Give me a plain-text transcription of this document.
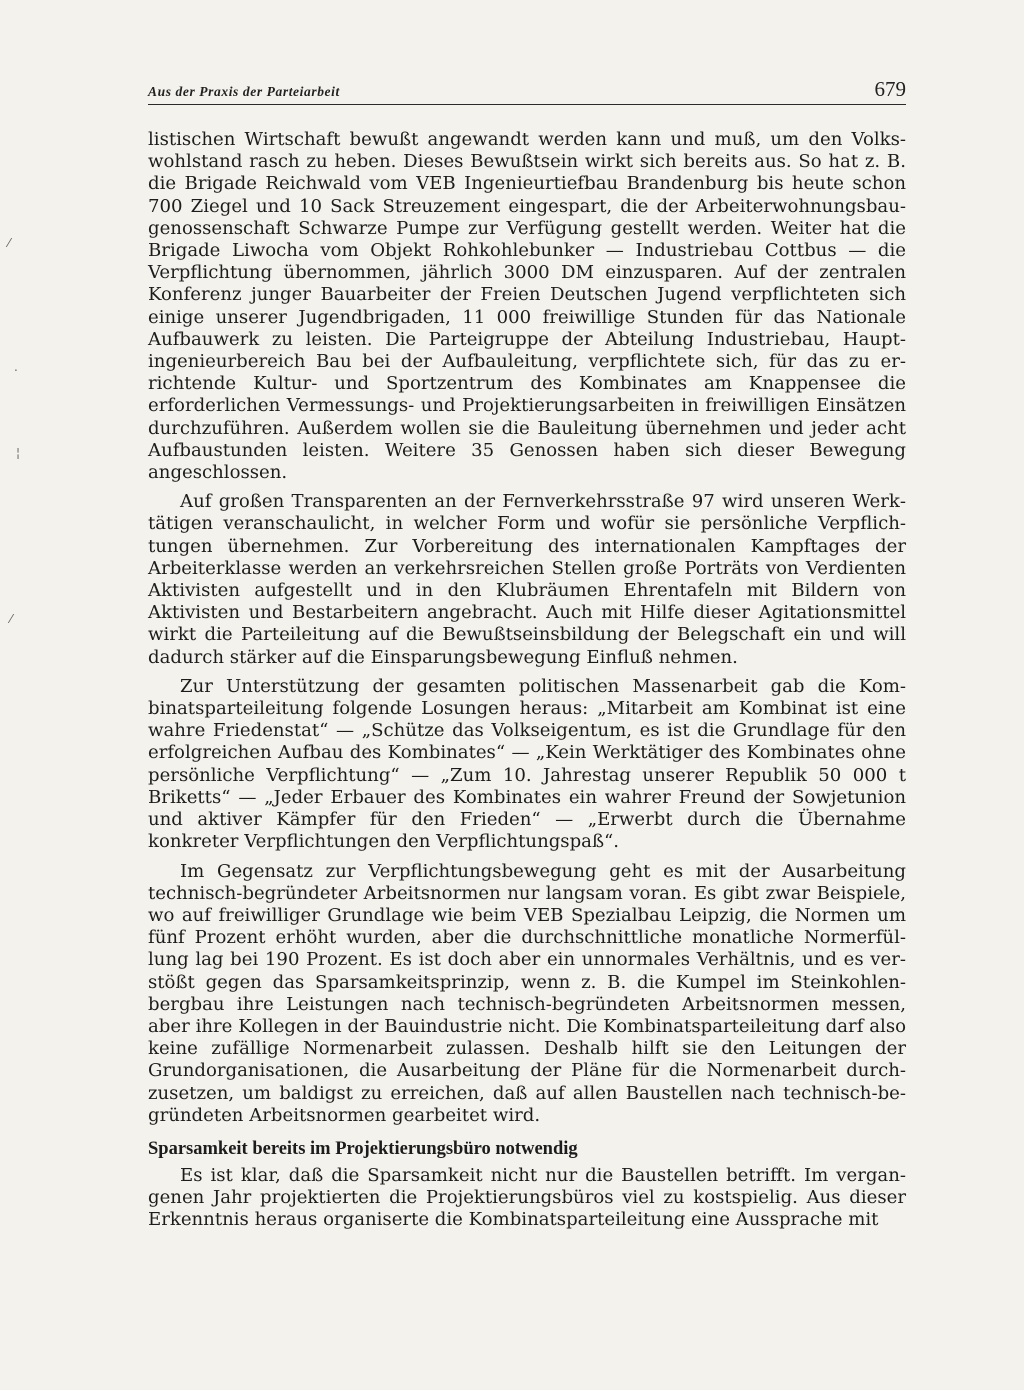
Aus der Praxis der Parteiarbeit	679

listischen Wirtschaft bewußt angewandt werden kann und muß, um den Volkswohlstand rasch zu heben. Dieses Bewußtsein wirkt sich bereits aus. So hat z. B. die Brigade Reichwald vom VEB Ingenieurtiefbau Brandenburg bis heute schon 700 Ziegel und 10 Sack Streuzement eingespart, die der Arbeiterwohnungsbaugenossenschaft Schwarze Pumpe zur Verfügung gestellt werden. Weiter hat die Brigade Liwocha vom Objekt Rohkohlebunker — Industriebau Cottbus — die Verpflichtung übernommen, jährlich 3000 DM einzusparen. Auf der zentralen Konferenz junger Bauarbeiter der Freien Deutschen Jugend verpflichteten sich einige unserer Jugendbrigaden, 11 000 freiwillige Stunden für das Nationale Aufbauwerk zu leisten. Die Parteigruppe der Abteilung Industriebau, Hauptingenieurbereich Bau bei der Aufbauleitung, verpflichtete sich, für das zu errichtende Kultur- und Sportzentrum des Kombinates am Knappensee die erforderlichen Vermessungs- und Projektierungsarbeiten in freiwilligen Einsätzen durchzuführen. Außerdem wollen sie die Bauleitung übernehmen und jeder acht Aufbaustunden leisten. Weitere 35 Genossen haben sich dieser Bewegung angeschlossen.

Auf großen Transparenten an der Fernverkehrsstraße 97 wird unseren Werktätigen veranschaulicht, in welcher Form und wofür sie persönliche Verpflichtungen übernehmen. Zur Vorbereitung des internationalen Kampftages der Arbeiterklasse werden an verkehrsreichen Stellen große Porträts von Verdienten Aktivisten aufgestellt und in den Klubräumen Ehrentafeln mit Bildern von Aktivisten und Bestarbeitern angebracht. Auch mit Hilfe dieser Agitationsmittel wirkt die Parteileitung auf die Bewußtseinsbildung der Belegschaft ein und will dadurch stärker auf die Einsparungsbewegung Einfluß nehmen.

Zur Unterstützung der gesamten politischen Massenarbeit gab die Kombinatsparteileitung folgende Losungen heraus: „Mitarbeit am Kombinat ist eine wahre Friedenstat“ — „Schütze das Volkseigentum, es ist die Grundlage für den erfolgreichen Aufbau des Kombinates“ — „Kein Werktätiger des Kombinates ohne persönliche Verpflichtung“ — „Zum 10. Jahrestag unserer Republik 50 000 t Briketts“ — „Jeder Erbauer des Kombinates ein wahrer Freund der Sowjetunion und aktiver Kämpfer für den Frieden“ — „Erwerbt durch die Übernahme konkreter Verpflichtungen den Verpflichtungspaß“.

Im Gegensatz zur Verpflichtungsbewegung geht es mit der Ausarbeitung technisch-begründeter Arbeitsnormen nur langsam voran. Es gibt zwar Beispiele, wo auf freiwilliger Grundlage wie beim VEB Spezialbau Leipzig, die Normen um fünf Prozent erhöht wurden, aber die durchschnittliche monatliche Normerfüllung lag bei 190 Prozent. Es ist doch aber ein unnormales Verhältnis, und es verstößt gegen das Sparsamkeitsprinzip, wenn z. B. die Kumpel im Steinkohlenbergbau ihre Leistungen nach technisch-begründeten Arbeitsnormen messen, aber ihre Kollegen in der Bauindustrie nicht. Die Kombinatsparteileitung darf also keine zufällige Normenarbeit zulassen. Deshalb hilft sie den Leitungen der Grundorganisationen, die Ausarbeitung der Pläne für die Normenarbeit durchzusetzen, um baldigst zu erreichen, daß auf allen Baustellen nach technisch-begründeten Arbeitsnormen gearbeitet wird.

Sparsamkeit bereits im Projektierungsbüro notwendig

Es ist klar, daß die Sparsamkeit nicht nur die Baustellen betrifft. Im vergangenen Jahr projektierten die Projektierungsbüros viel zu kostspielig. Aus dieser Erkenntnis heraus organiserte die Kombinatsparteileitung eine Aussprache mit

⁄
‧
¦
⁄
